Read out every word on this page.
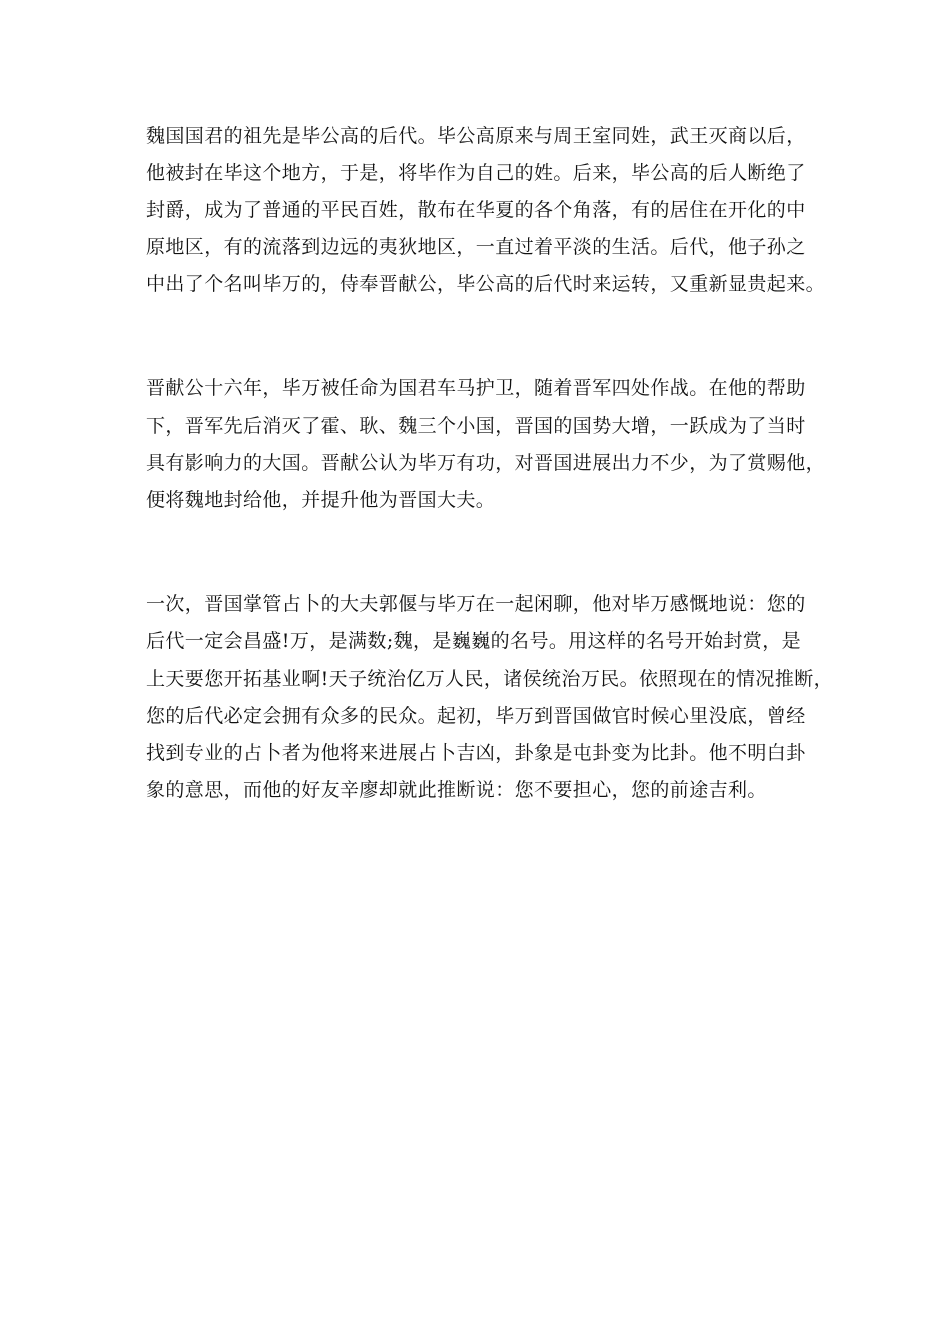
魏国国君的祖先是毕公高的后代。毕公高原来与周王室同姓，武王灭商以后，
他被封在毕这个地方，于是，将毕作为自己的姓。后来，毕公高的后人断绝了
封爵，成为了普通的平民百姓，散布在华夏的各个角落，有的居住在开化的中
原地区，有的流落到边远的夷狄地区，一直过着平淡的生活。后代，他子孙之
中出了个名叫毕万的，侍奉晋献公，毕公高的后代时来运转，又重新显贵起来。
晋献公十六年，毕万被任命为国君车马护卫，随着晋军四处作战。在他的帮助
下，晋军先后消灭了霍、耿、魏三个小国，晋国的国势大增，一跃成为了当时
具有影响力的大国。晋献公认为毕万有功，对晋国进展出力不少，为了赏赐他，
便将魏地封给他，并提升他为晋国大夫。
一次，晋国掌管占卜的大夫郭偃与毕万在一起闲聊，他对毕万感慨地说：您的
后代一定会昌盛!万，是满数;魏，是巍巍的名号。用这样的名号开始封赏，是
上天要您开拓基业啊!天子统治亿万人民，诸侯统治万民。依照现在的情况推断，
您的后代必定会拥有众多的民众。起初，毕万到晋国做官时候心里没底，曾经
找到专业的占卜者为他将来进展占卜吉凶，卦象是屯卦变为比卦。他不明白卦
象的意思，而他的好友辛廖却就此推断说：您不要担心，您的前途吉利。
